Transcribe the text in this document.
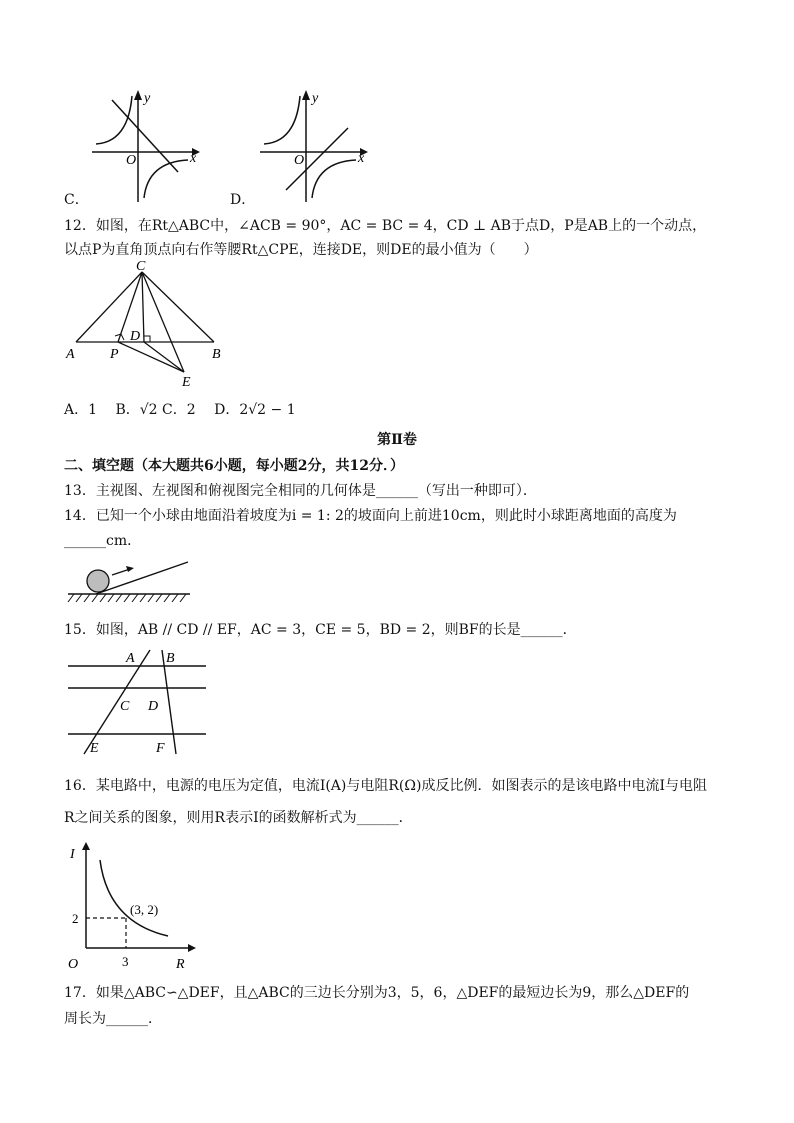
y
x
O
y
x
O
C．	D．
12．如图，在Rt△ABC中，∠ACB = 90°，AC = BC = 4，CD ⊥ AB于点D，P是AB上的一个动点，
以点P为直角顶点向右作等腰Rt△CPE，连接DE，则DE的最小值为（　　）
C
A	B
P
D
E
A．1　 B．√2 C．2　 D．2√2 − 1
第Ⅱ卷
二、填空题（本大题共6小题，每小题2分，共12分．）
13．主视图、左视图和俯视图完全相同的几何体是______（写出一种即可）．
14．已知一个小球由地面沿着坡度为i = 1: 2的坡面向上前进10cm，则此时小球距离地面的高度为
______cm．
15．如图，AB // CD // EF，AC = 3，CE = 5，BD = 2，则BF的长是______．
A B
C D
E	F
16．某电路中，电源的电压为定值，电流I(A)与电阻R(Ω)成反比例．如图表示的是该电路中电流I与电阻
R之间关系的图象，则用R表示I的函数解析式为______．
I
R
O
(3, 2)
3
2
17．如果△ABC∽△DEF，且△ABC的三边长分别为3，5，6，△DEF的最短边长为9，那么△DEF的
周长为______．
